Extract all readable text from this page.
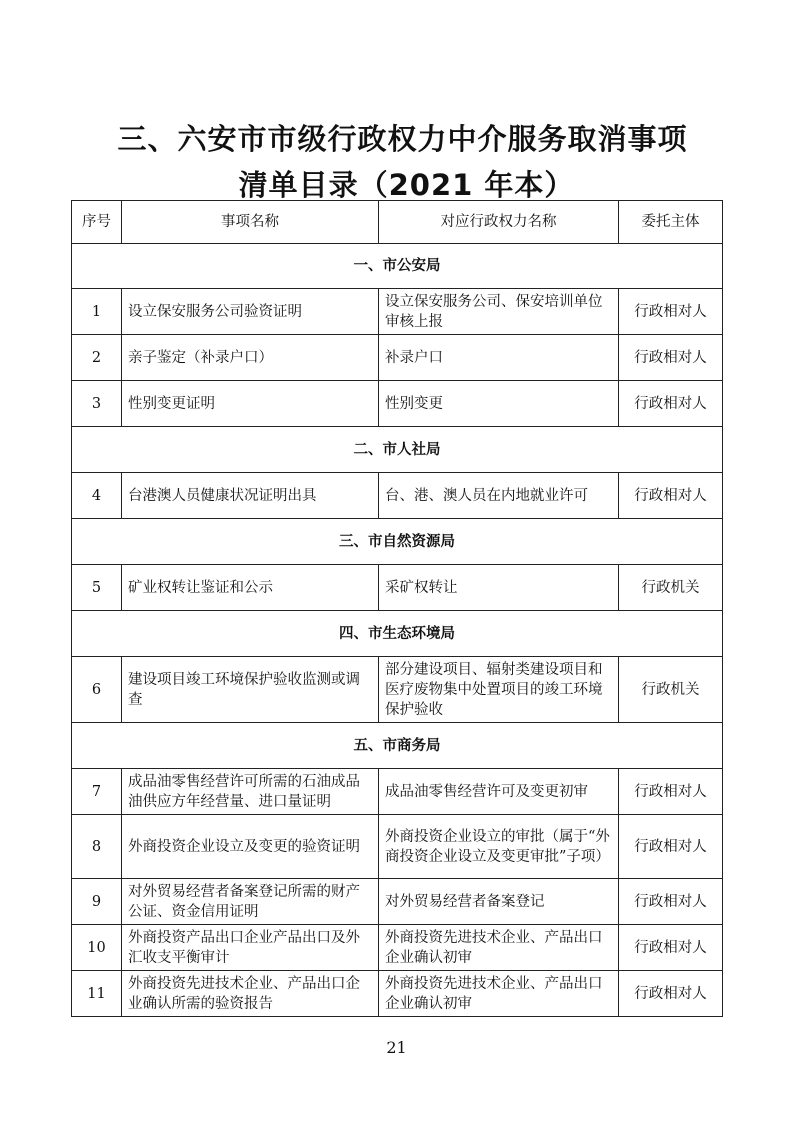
三、六安市市级行政权力中介服务取消事项
清单目录（2021 年本）
序号	事项名称	对应行政权力名称	委托主体
一、市公安局			
1	设立保安服务公司验资证明	设立保安服务公司、保安培训单位审核上报	行政相对人
2	亲子鉴定（补录户口）	补录户口	行政相对人
3	性别变更证明	性别变更	行政相对人
二、市人社局			
4	台港澳人员健康状况证明出具	台、港、澳人员在内地就业许可	行政相对人
三、市自然资源局			
5	矿业权转让鉴证和公示	采矿权转让	行政机关
四、市生态环境局			
6	建设项目竣工环境保护验收监测或调查	部分建设项目、辐射类建设项目和医疗废物集中处置项目的竣工环境保护验收	行政机关
五、市商务局			
7	成品油零售经营许可所需的石油成品油供应方年经营量、进口量证明	成品油零售经营许可及变更初审	行政相对人
8	外商投资企业设立及变更的验资证明	外商投资企业设立的审批（属于“外商投资企业设立及变更审批”子项）	行政相对人
9	对外贸易经营者备案登记所需的财产公证、资金信用证明	对外贸易经营者备案登记	行政相对人
10	外商投资产品出口企业产品出口及外汇收支平衡审计	外商投资先进技术企业、产品出口企业确认初审	行政相对人
11	外商投资先进技术企业、产品出口企业确认所需的验资报告	外商投资先进技术企业、产品出口企业确认初审	行政相对人
21
